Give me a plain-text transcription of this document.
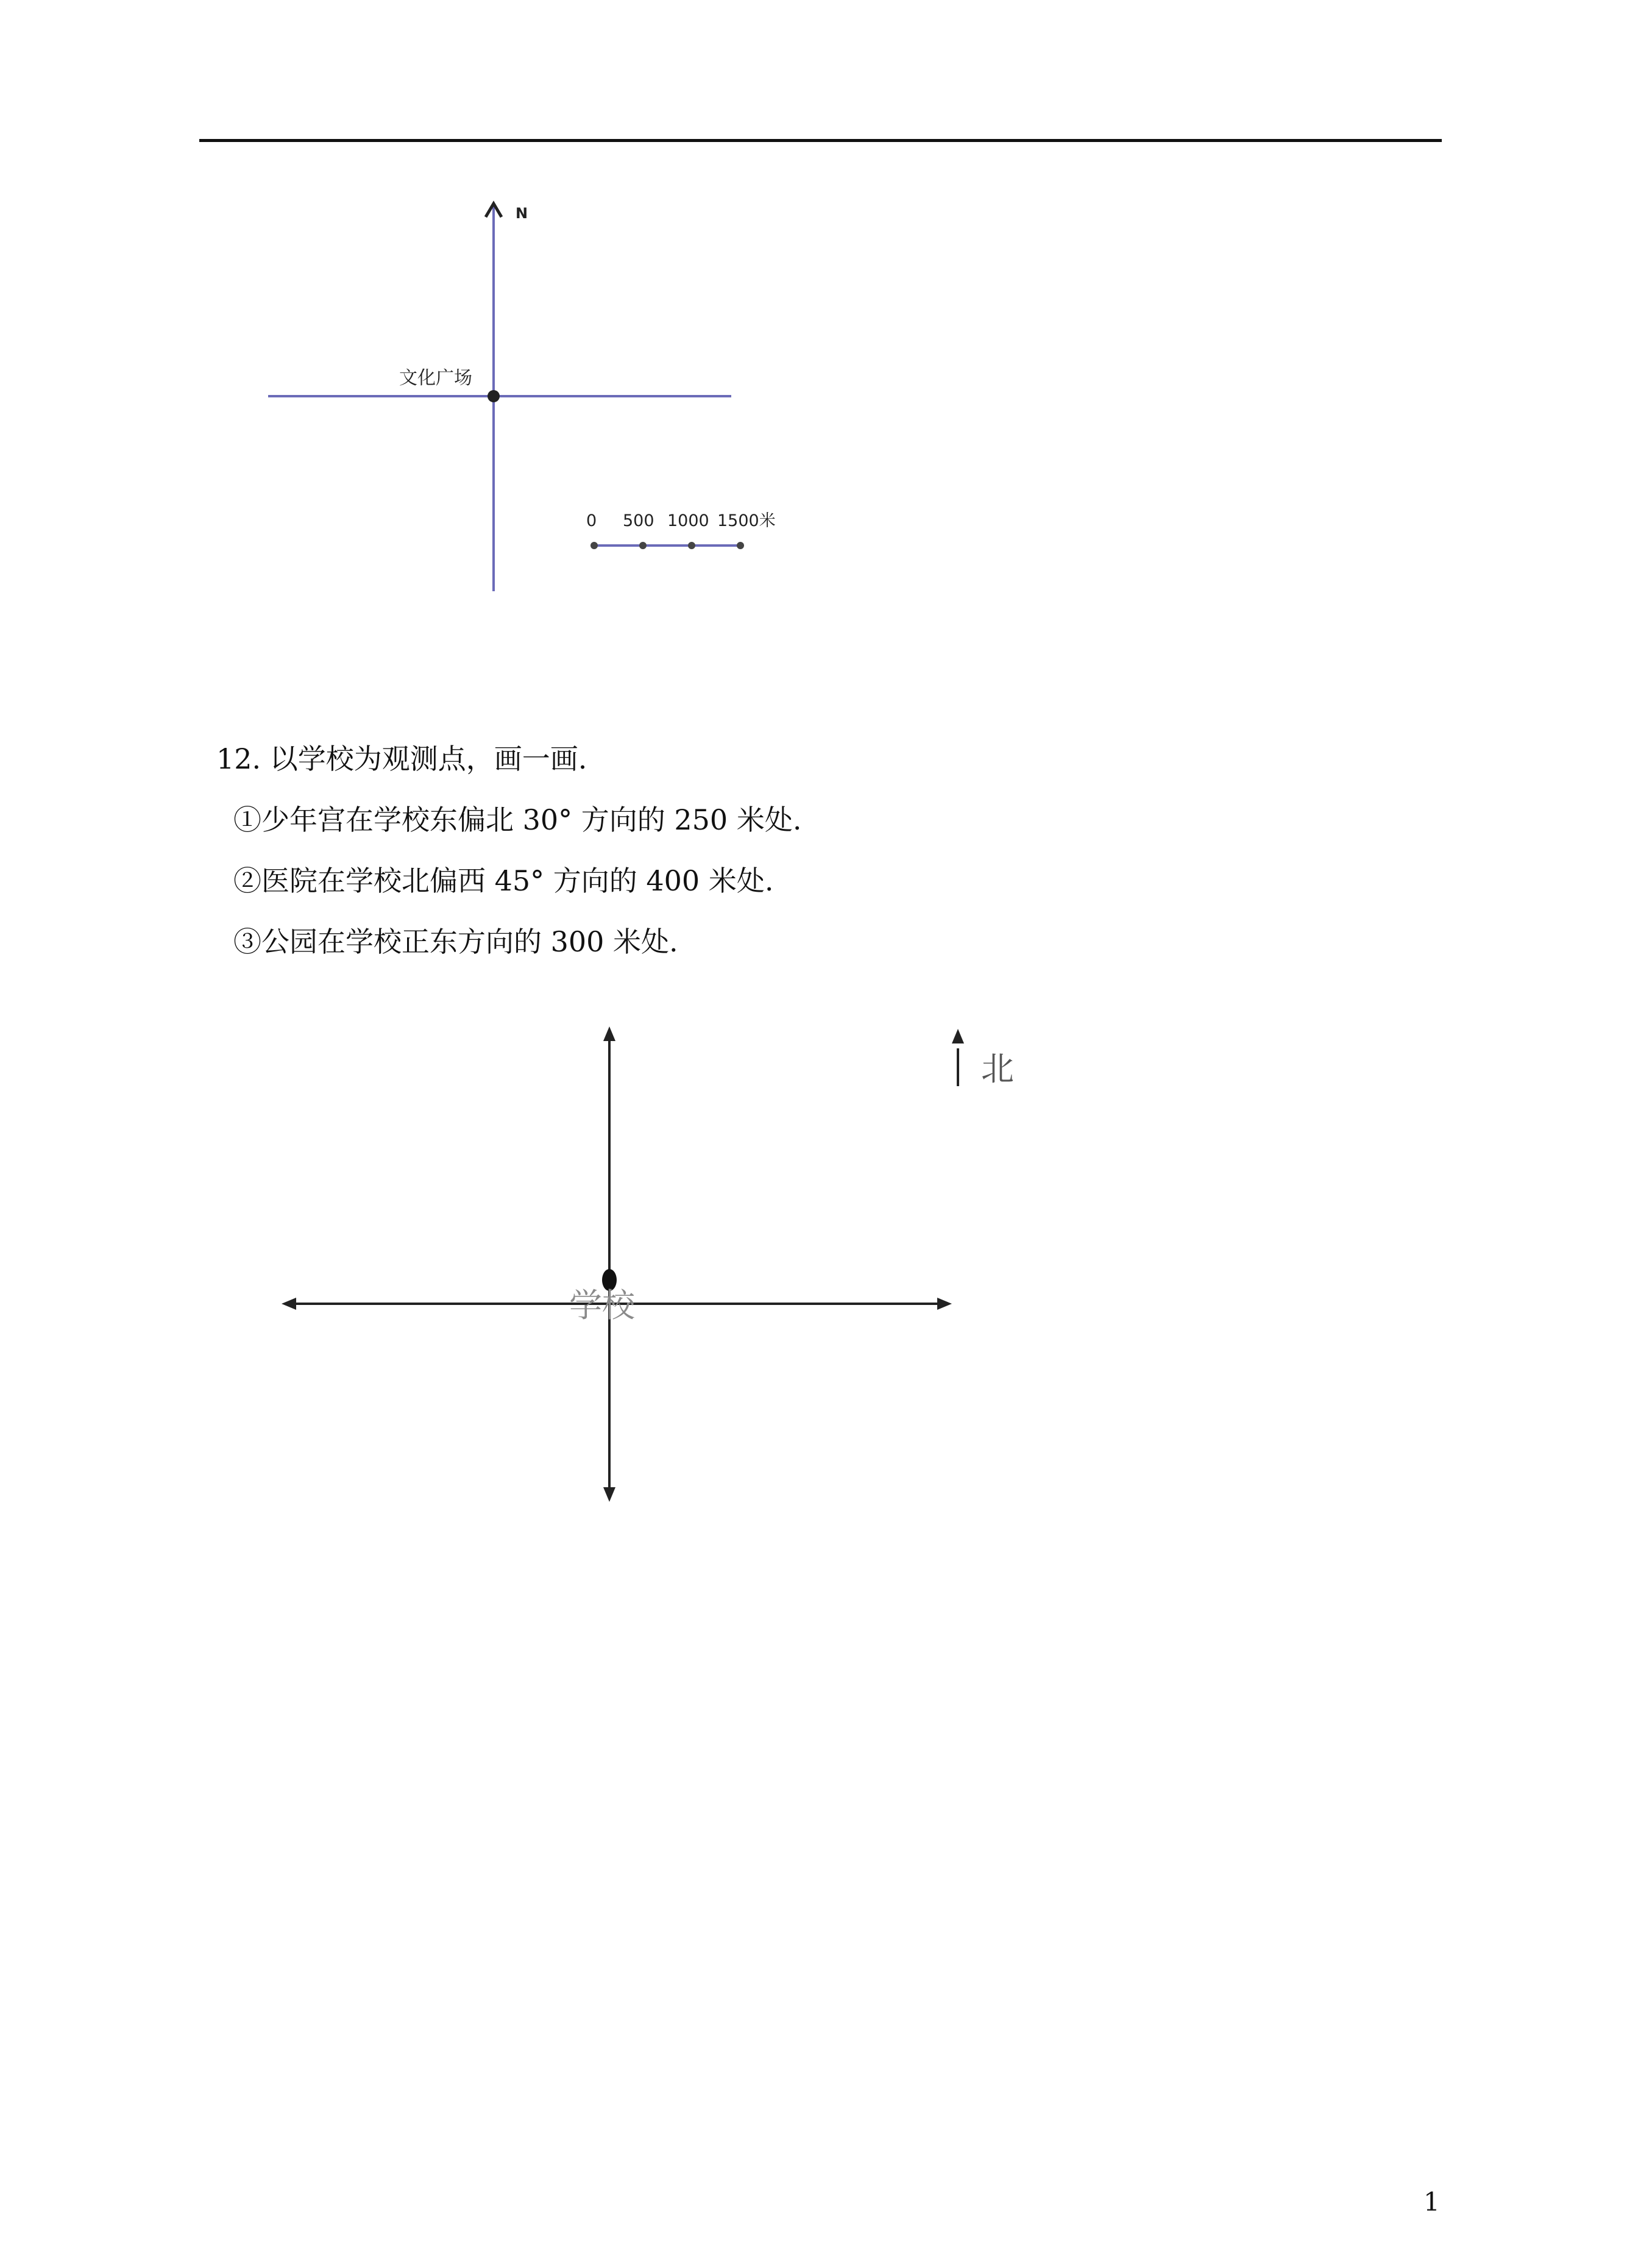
N
文化广场
0 500 1000 1500米
12. 以学校为观测点，画一画.
①少年宫在学校东偏北 30° 方向的 250 米处.
②医院在学校北偏西 45° 方向的 400 米处.
③公园在学校正东方向的 300 米处.
学校
北
1
